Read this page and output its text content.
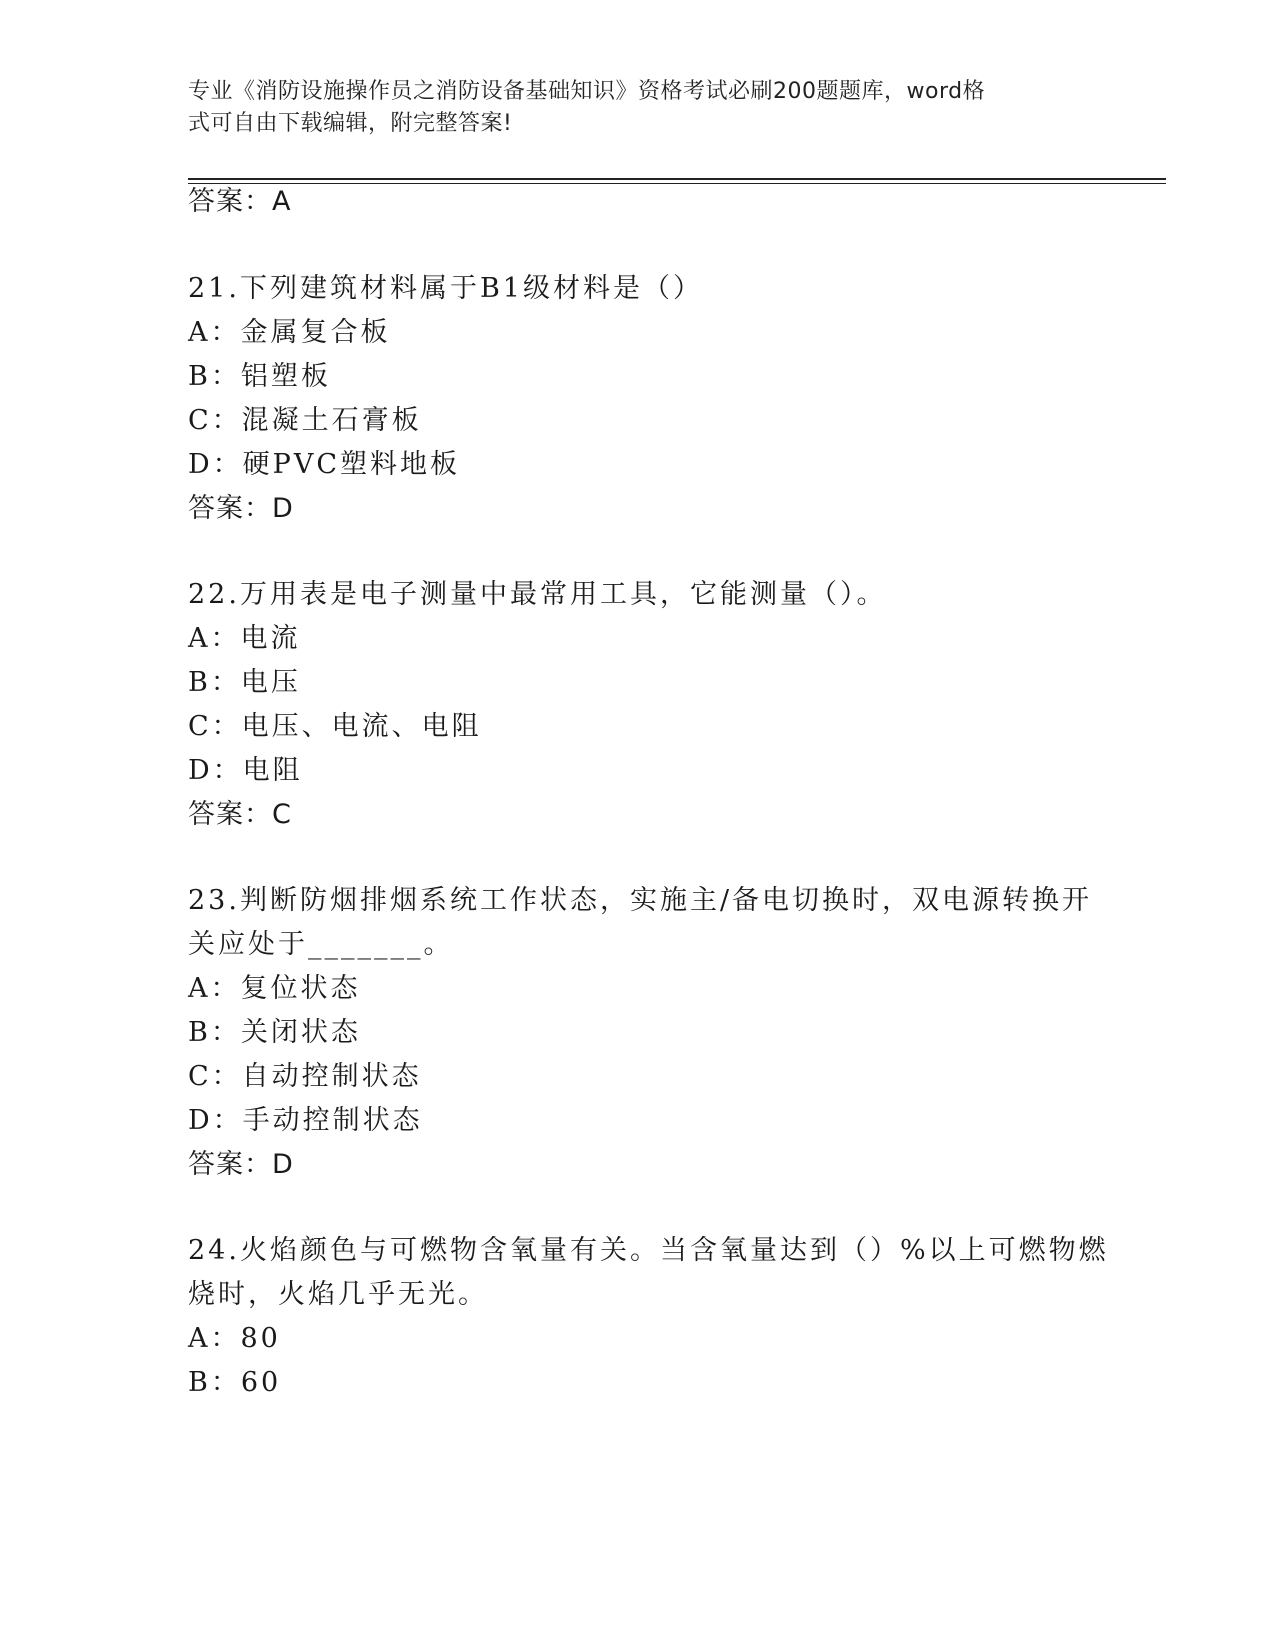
专业《消防设施操作员之消防设备基础知识》资格考试必刷200题题库，word格
式可自由下载编辑，附完整答案!
答案：A
21.下列建筑材料属于B1级材料是（）
A：金属复合板
B：铝塑板
C：混凝土石膏板
D：硬PVC塑料地板
答案：D
22.万用表是电子测量中最常用工具，它能测量（）。
A：电流
B：电压
C：电压、电流、电阻
D：电阻
答案：C
23.判断防烟排烟系统工作状态，实施主/备电切换时，双电源转换开
关应处于_______。
A：复位状态
B：关闭状态
C：自动控制状态
D：手动控制状态
答案：D
24.火焰颜色与可燃物含氧量有关。当含氧量达到（）%以上可燃物燃
烧时，火焰几乎无光。
A：80
B：60
